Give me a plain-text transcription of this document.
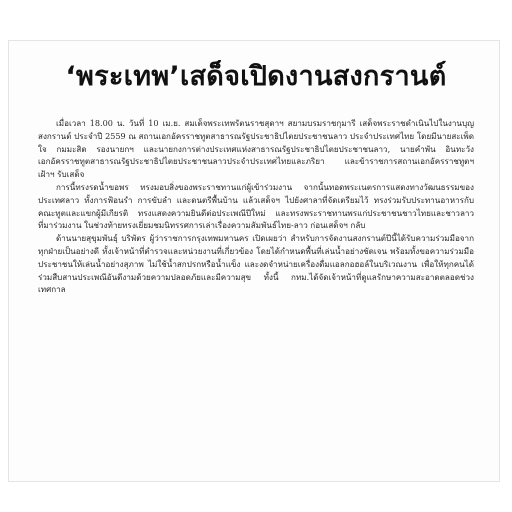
‘พระเทพ’เสด็จเปิดงานสงกรานต์

เมื่อเวลา 18.00 น. วันที่ 10 เม.ย. สมเด็จพระเทพรัตนราชสุดาฯ สยามบรมราชกุมารี เสด็จพระราชดำเนินไปในงานบุญสงกรานต์ ประจำปี 2559 ณ สถานเอกอัครราชทูตสาธารณรัฐประชาธิปไตยประชาชนลาว ประจำประเทศไทย โดยมีนายสะเพ็ดใจ กมมะสิด รองนายกฯ และนายกงการต่างประเทศแห่งสาธารณรัฐประชาธิปไตยประชาชนลาว, นายคำพัน อินทะวัง เอกอัครราชทูตสาธารณรัฐประชาธิปไตยประชาชนลาวประจำประเทศไทยและภริยา และข้าราชการสถานเอกอัครราชทูตฯ เฝ้าฯ รับเสด็จ

การนี้ทรงรดน้ำขอพร ทรงมอบสิ่งของพระราชทานแก่ผู้เข้าร่วมงาน จากนั้นทอดพระเนตรการแสดงทางวัฒนธรรมของประเทศลาว ทั้งการฟ้อนรำ การขับลำ และดนตรีพื้นบ้าน แล้วเสด็จฯ ไปยังศาลาที่จัดเตรียมไว้ ทรงร่วมรับประทานอาหารกับคณะทูตและแขกผู้มีเกียรติ ทรงแสดงความยินดีต่อประเพณีปีใหม่ และทรงพระราชทานพรแก่ประชาชนชาวไทยและชาวลาวที่มาร่วมงาน ในช่วงท้ายทรงเยี่ยมชมนิทรรศการเล่าเรื่องความสัมพันธ์ไทย-ลาว ก่อนเสด็จฯ กลับ

ด้านนายสุขุมพันธุ์ บริพัตร ผู้ว่าราชการกรุงเทพมหานคร เปิดเผยว่า สำหรับการจัดงานสงกรานต์ปีนี้ได้รับความร่วมมือจากทุกฝ่ายเป็นอย่างดี ทั้งเจ้าหน้าที่ตำรวจและหน่วยงานที่เกี่ยวข้อง โดยได้กำหนดพื้นที่เล่นน้ำอย่างชัดเจน พร้อมทั้งขอความร่วมมือประชาชนให้เล่นน้ำอย่างสุภาพ ไม่ใช้น้ำสกปรกหรือน้ำแข็ง และงดจำหน่ายเครื่องดื่มแอลกอฮอล์ในบริเวณงาน เพื่อให้ทุกคนได้ร่วมสืบสานประเพณีอันดีงามด้วยความปลอดภัยและมีความสุข ทั้งนี้ กทม.ได้จัดเจ้าหน้าที่ดูแลรักษาความสะอาดตลอดช่วงเทศกาล
